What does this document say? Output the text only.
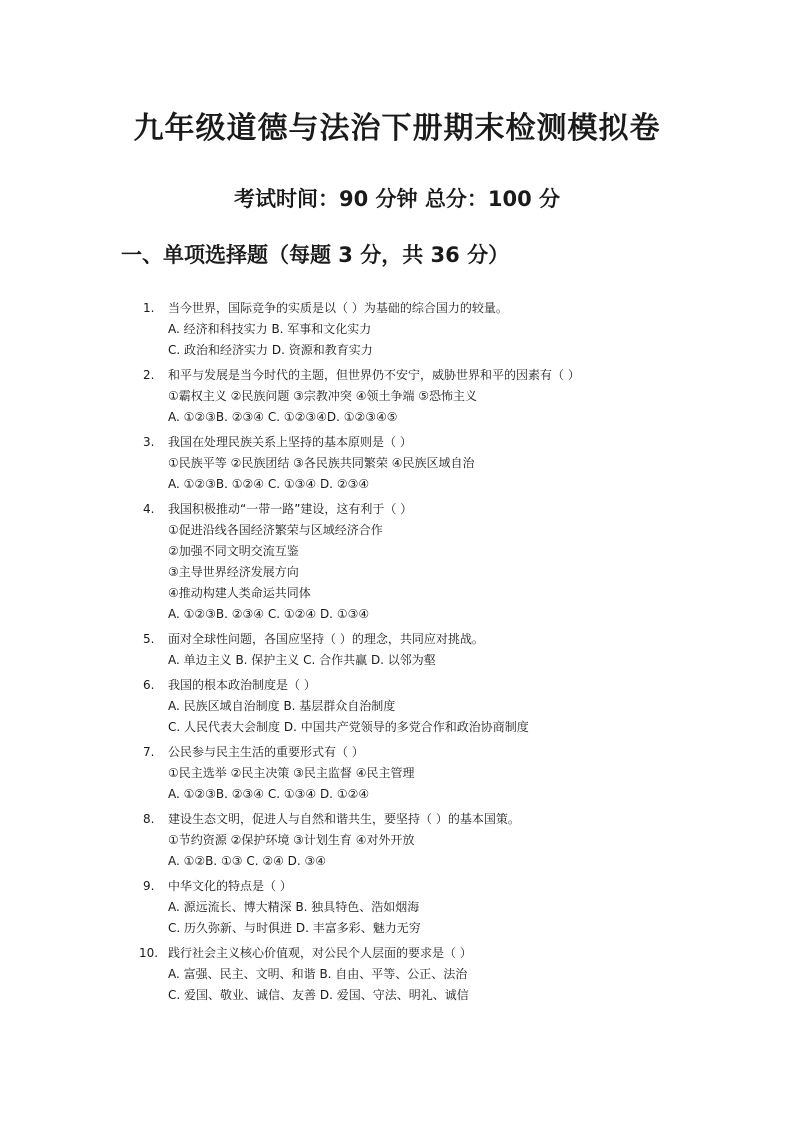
九年级道德与法治下册期末检测模拟卷

考试时间：90 分钟 总分：100 分

一、单项选择题（每题 3 分，共 36 分）
1.	当今世界，国际竞争的实质是以（ ）为基础的综合国力的较量。
A. 经济和科技实力 B. 军事和文化实力
C. 政治和经济实力 D. 资源和教育实力
2.	和平与发展是当今时代的主题，但世界仍不安宁，威胁世界和平的因素有（ ）
①霸权主义 ②民族问题 ③宗教冲突 ④领土争端 ⑤恐怖主义
A. ①②③B. ②③④ C. ①②③④D. ①②③④⑤
3.	我国在处理民族关系上坚持的基本原则是（ ）
①民族平等 ②民族团结 ③各民族共同繁荣 ④民族区域自治
A. ①②③B. ①②④ C. ①③④ D. ②③④
4.	我国积极推动“一带一路”建设，这有利于（ ）
①促进沿线各国经济繁荣与区域经济合作
②加强不同文明交流互鉴
③主导世界经济发展方向
④推动构建人类命运共同体
A. ①②③B. ②③④ C. ①②④ D. ①③④
5.	面对全球性问题，各国应坚持（ ）的理念，共同应对挑战。
A. 单边主义 B. 保护主义 C. 合作共赢 D. 以邻为壑
6.	我国的根本政治制度是（ ）
A. 民族区域自治制度 B. 基层群众自治制度
C. 人民代表大会制度 D. 中国共产党领导的多党合作和政治协商制度
7.	公民参与民主生活的重要形式有（ ）
①民主选举 ②民主决策 ③民主监督 ④民主管理
A. ①②③B. ②③④ C. ①③④ D. ①②④
8.	建设生态文明，促进人与自然和谐共生，要坚持（ ）的基本国策。
①节约资源 ②保护环境 ③计划生育 ④对外开放
A. ①②B. ①③ C. ②④ D. ③④
9.	中华文化的特点是（ ）
A. 源远流长、博大精深 B. 独具特色、浩如烟海
C. 历久弥新、与时俱进 D. 丰富多彩、魅力无穷
10. 践行社会主义核心价值观，对公民个人层面的要求是（ ）
A. 富强、民主、文明、和谐 B. 自由、平等、公正、法治
C. 爱国、敬业、诚信、友善 D. 爱国、守法、明礼、诚信
